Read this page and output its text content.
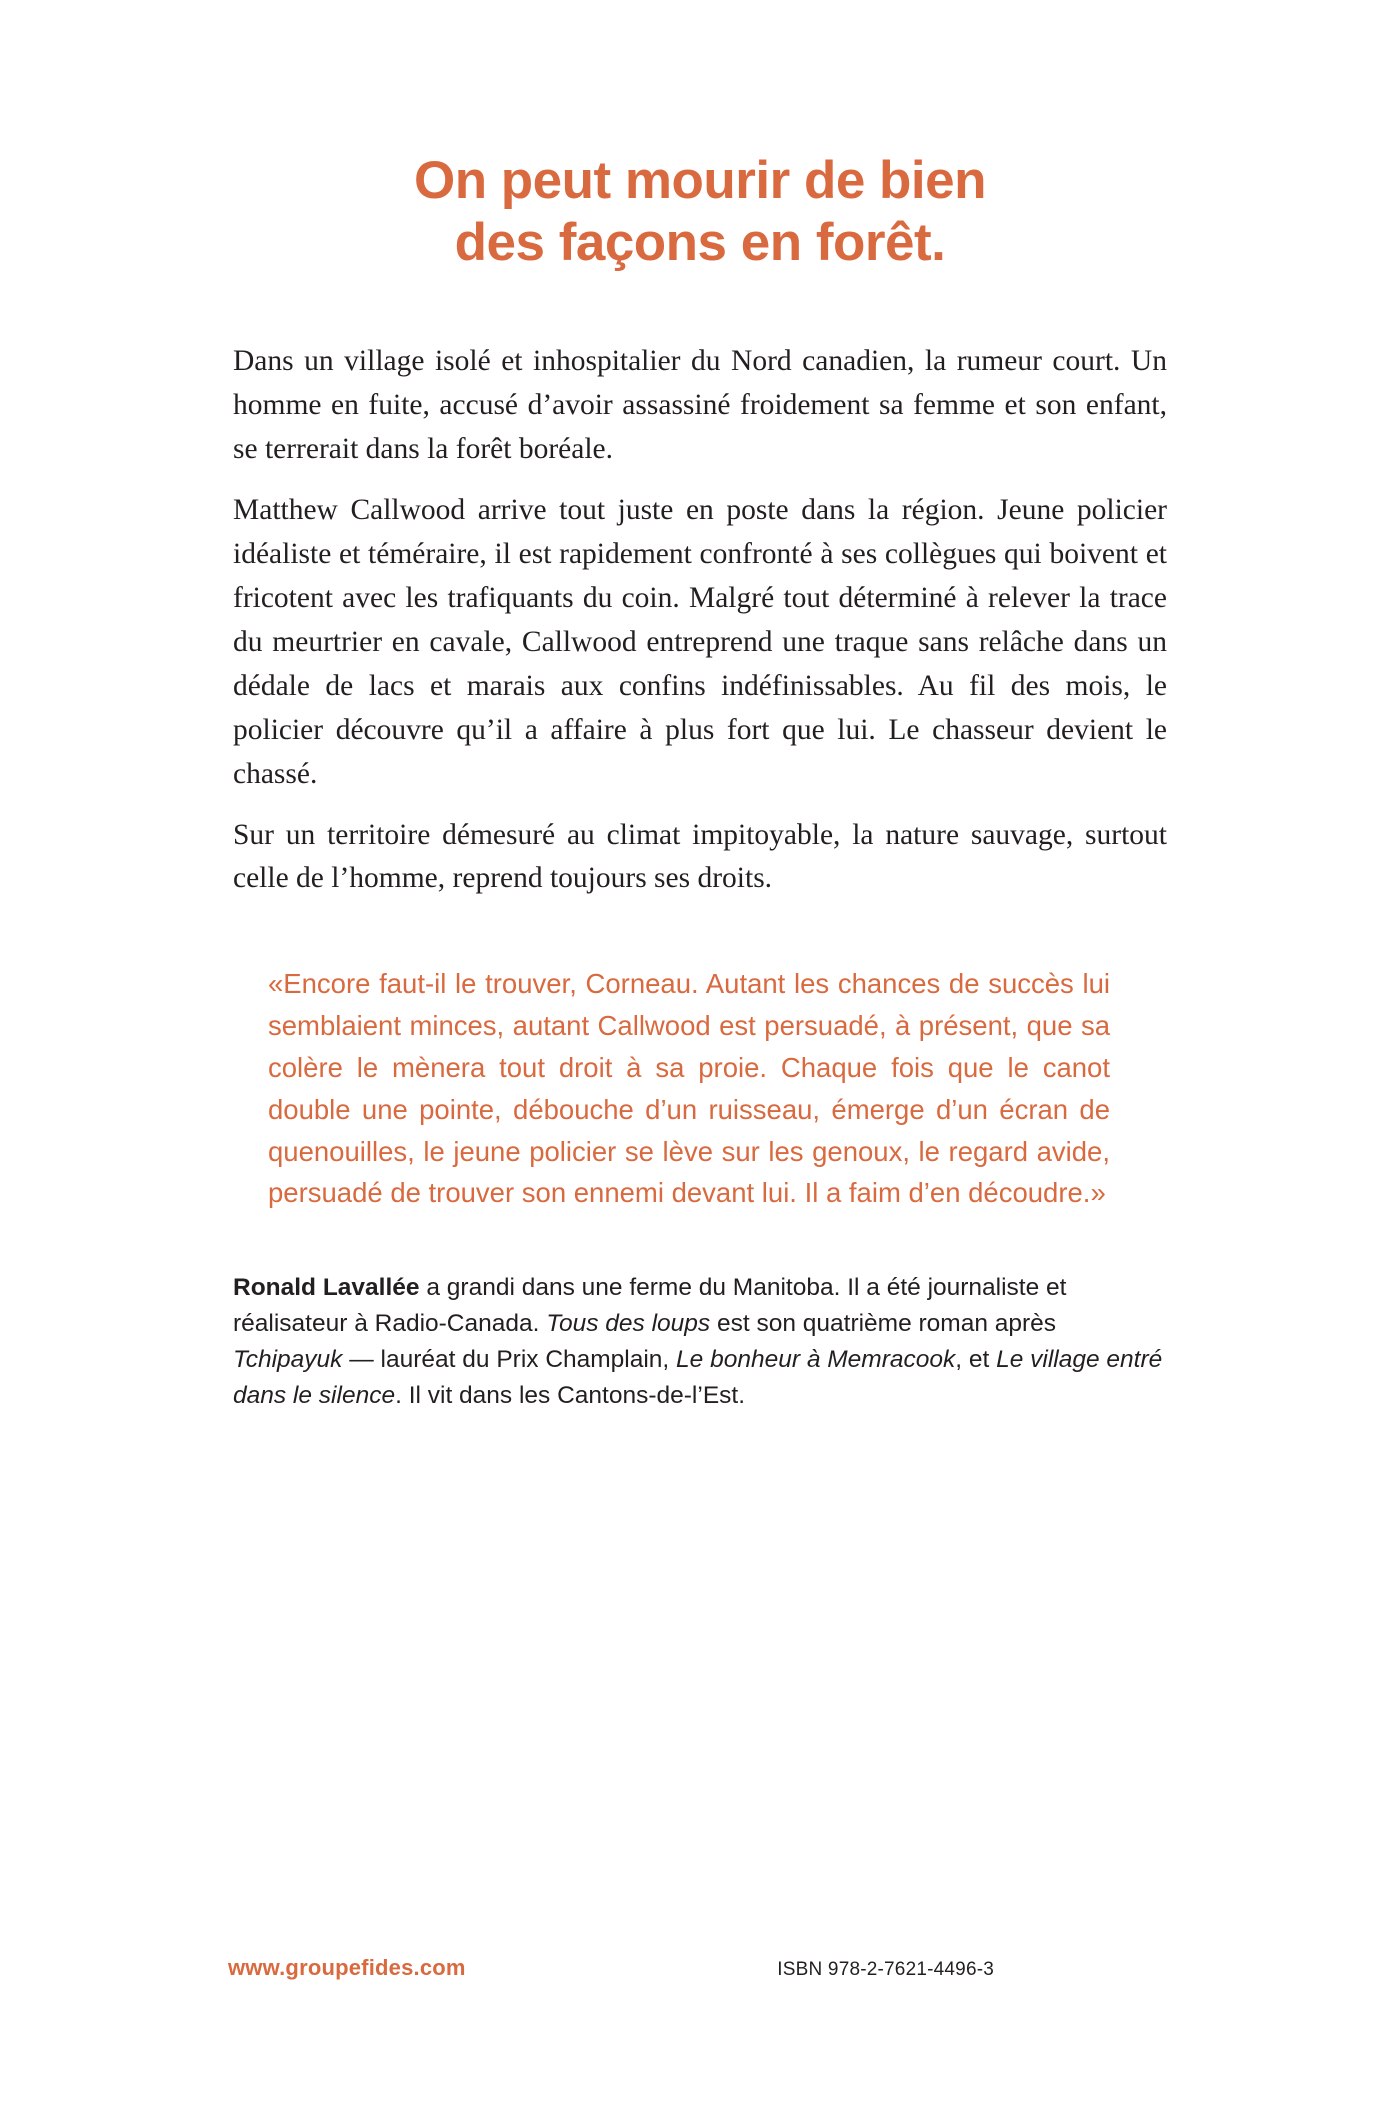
On peut mourir de bien
des façons en forêt.

Dans un village isolé et inhospitalier du Nord canadien, la rumeur court. Un homme en fuite, accusé d’avoir assassiné froidement sa femme et son enfant, se terrerait dans la forêt boréale.

Matthew Callwood arrive tout juste en poste dans la région. Jeune policier idéaliste et téméraire, il est rapidement confronté à ses collègues qui boivent et fricotent avec les trafiquants du coin. Malgré tout déterminé à relever la trace du meurtrier en cavale, Callwood entreprend une traque sans relâche dans un dédale de lacs et marais aux confins indéfinissables. Au fil des mois, le policier découvre qu’il a affaire à plus fort que lui. Le chasseur devient le chassé.

Sur un territoire démesuré au climat impitoyable, la nature sauvage, surtout celle de l’homme, reprend toujours ses droits.

«Encore faut-il le trouver, Corneau. Autant les chances de succès lui semblaient minces, autant Callwood est persuadé, à présent, que sa colère le mènera tout droit à sa proie. Chaque fois que le canot double une pointe, débouche d’un ruisseau, émerge d’un écran de quenouilles, le jeune policier se lève sur les genoux, le regard avide, persuadé de trouver son ennemi devant lui. Il a faim d’en découdre.»

Ronald Lavallée a grandi dans une ferme du Manitoba. Il a été journaliste et réalisateur à Radio-Canada. Tous des loups est son quatrième roman après Tchipayuk — lauréat du Prix Champlain, Le bonheur à Memracook, et Le village entré dans le silence. Il vit dans les Cantons-de-l’Est.

www.groupefides.com	ISBN 978-2-7621-4496-3
